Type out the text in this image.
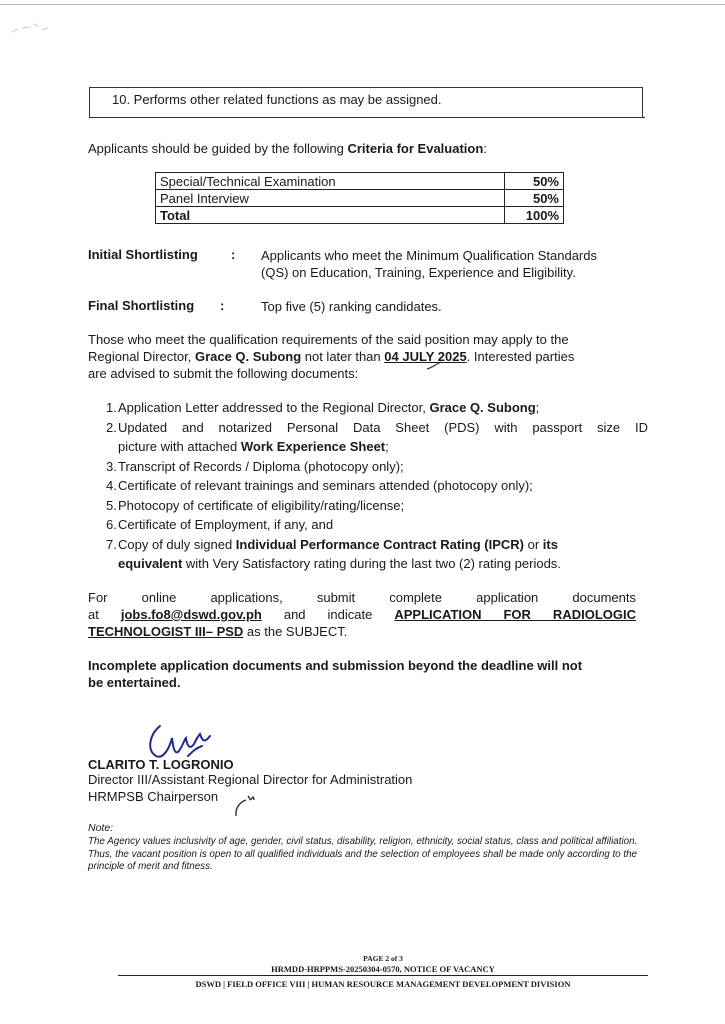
10. Performs other related functions as may be assigned.
Applicants should be guided by the following Criteria for Evaluation:
Special/Technical Examination	50%
Panel Interview	50%
Total	100%
Initial Shortlisting	: Applicants who meet the Minimum Qualification Standards
(QS) on Education, Training, Experience and Eligibility.
Final Shortlisting :	Top five (5) ranking candidates.
Those who meet the qualification requirements of the said position may apply to the
Regional Director, Grace Q. Subong not later than 04 JULY 2025. Interested parties
are advised to submit the following documents:
1. Application Letter addressed to the Regional Director, Grace Q. Subong;
2. Updated and notarized Personal Data Sheet (PDS) with passport size ID
picture with attached Work Experience Sheet;
3. Transcript of Records / Diploma (photocopy only);
4. Certificate of relevant trainings and seminars attended (photocopy only);
5. Photocopy of certificate of eligibility/rating/license;
6. Certificate of Employment, if any, and
7. Copy of duly signed Individual Performance Contract Rating (IPCR) or its
equivalent with Very Satisfactory rating during the last two (2) rating periods.
For online applications, submit complete application documents
at jobs.fo8@dswd.gov.ph and indicate APPLICATION FOR RADIOLOGIC
TECHNOLOGIST III– PSD as the SUBJECT.
Incomplete application documents and submission beyond the deadline will not
be entertained.
CLARITO T. LOGRONIO
Director III/Assistant Regional Director for Administration
HRMPSB Chairperson
Note:
The Agency values inclusivity of age, gender, civil status, disability, religion, ethnicity, social status, class and political affiliation. Thus, the vacant position is open to all qualified individuals and the selection of employees shall be made only according to the principle of merit and fitness.
PAGE 2 of 3
HRMDD-HRPPMS-20250304-0570, NOTICE OF VACANCY
DSWD | FIELD OFFICE VIII | HUMAN RESOURCE MANAGEMENT DEVELOPMENT DIVISION
